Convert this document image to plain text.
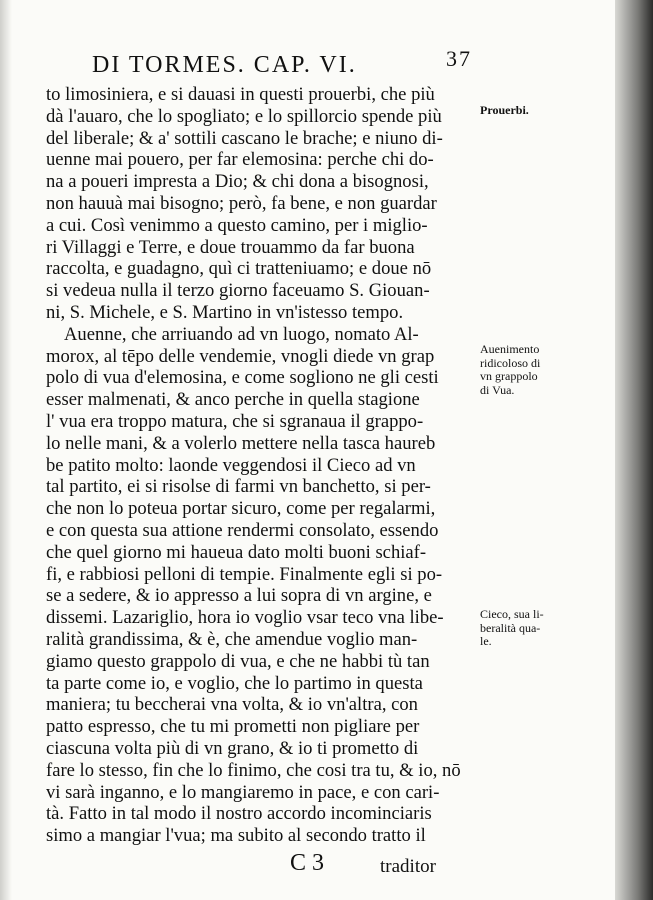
DI TORMES. CAP. VI.	37
to limosiniera, e si dauasi in questi prouerbi, che più
dà l'auaro, che lo spogliato; e lo spillorcio spende più
del liberale; & a' sottili cascano le brache; e niuno di-
uenne mai pouero, per far elemosina: perche chi do-
na a poueri impresta a Dio; & chi dona a bisognosi,
non hauuà mai bisogno; però, fa bene, e non guardar
a cui. Così venimmo a questo camino, per i miglio-
ri Villaggi e Terre, e doue trouammo da far buona
raccolta, e guadagno, quì ci tratteniuamo; e doue nō
si vedeua nulla il terzo giorno faceuamo S. Giouan-
ni, S. Michele, e S. Martino in vn'istesso tempo.
Auenne, che arriuando ad vn luogo, nomato Al-
morox, al tēpo delle vendemie, vnogli diede vn grap
polo di vua d'elemosina, e come sogliono ne gli cesti
esser malmenati, & anco perche in quella stagione
l' vua era troppo matura, che si sgranaua il grappo-
lo nelle mani, & a volerlo mettere nella tasca haureb
be patito molto: laonde veggendosi il Cieco ad vn
tal partito, ei si risolse di farmi vn banchetto, si per-
che non lo poteua portar sicuro, come per regalarmi,
e con questa sua attione rendermi consolato, essendo
che quel giorno mi haueua dato molti buoni schiaf-
fi, e rabbiosi pelloni di tempie. Finalmente egli si po-
se a sedere, & io appresso a lui sopra di vn argine, e
dissemi. Lazariglio, hora io voglio vsar teco vna libe-
ralità grandissima, & è, che amendue voglio man-
giamo questo grappolo di vua, e che ne habbi tù tan
ta parte come io, e voglio, che lo partimo in questa
maniera; tu beccherai vna volta, & io vn'altra, con
patto espresso, che tu mi prometti non pigliare per
ciascuna volta più di vn grano, & io ti prometto di
fare lo stesso, fin che lo finimo, che cosi tra tu, & io, nō
vi sarà inganno, e lo mangiaremo in pace, e con cari-
tà. Fatto in tal modo il nostro accordo incominciaris
simo a mangiar l'vua; ma subito al secondo tratto il
Prouerbi.
Auenimento
ridicoloso di
vn grappolo
di Vua.
Cieco, sua li-
beralità qua-
le.
C 3	traditor
